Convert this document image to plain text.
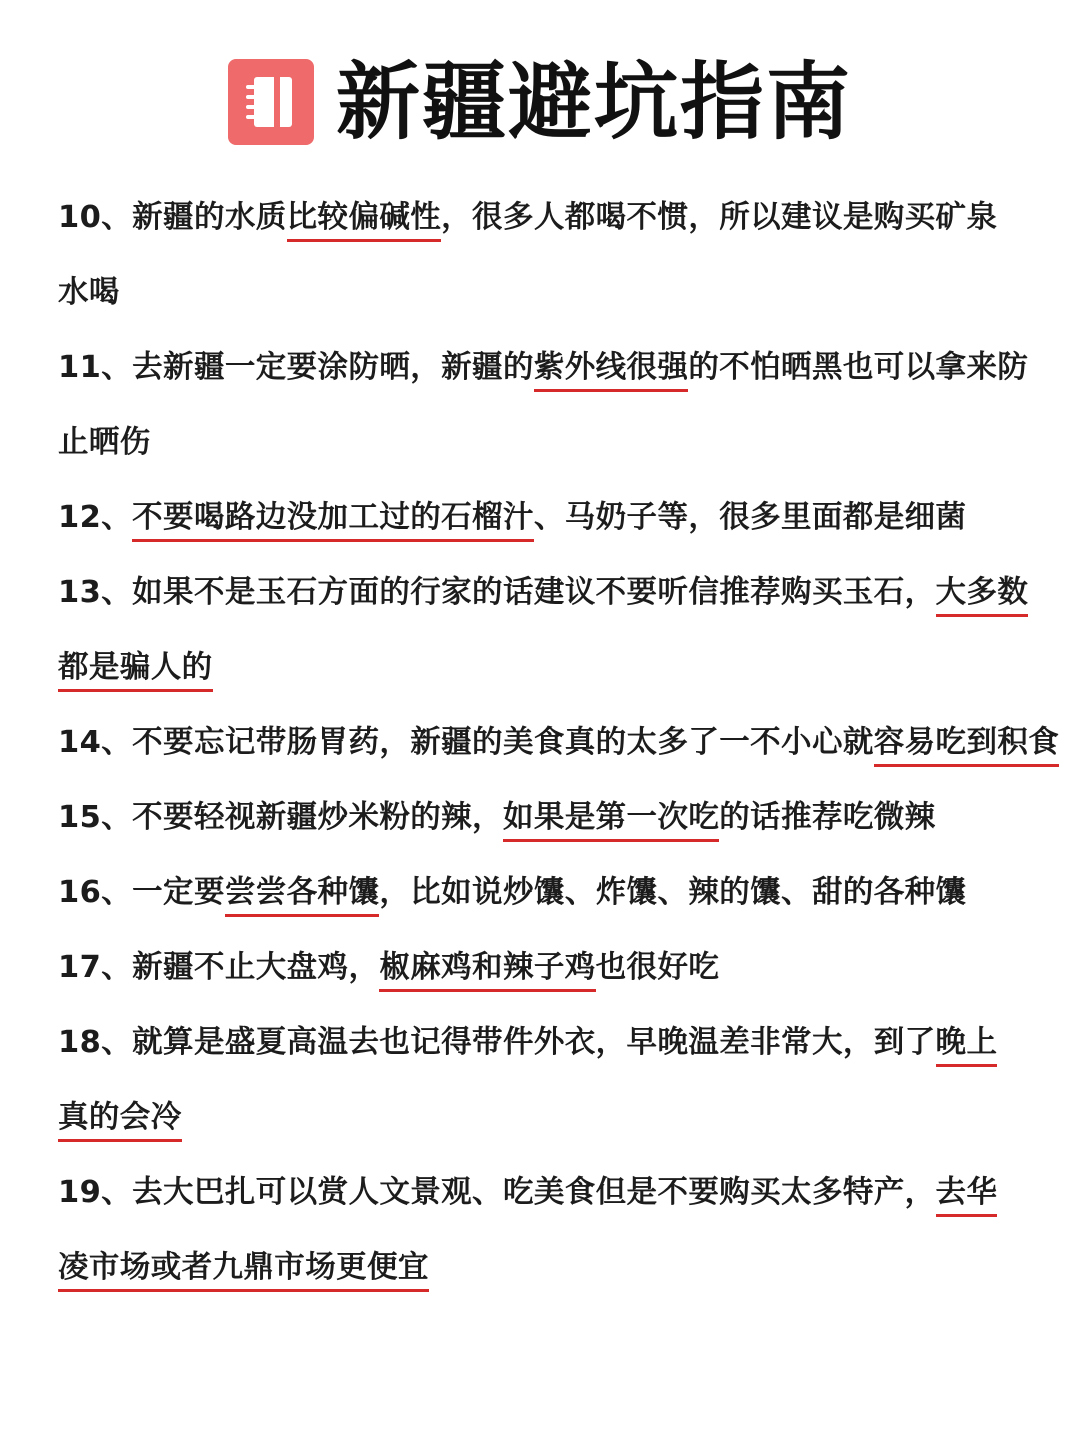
新疆避坑指南
10、新疆的水质比较偏碱性，很多人都喝不惯，所以建议是购买矿泉
水喝
11、去新疆一定要涂防晒，新疆的紫外线很强的不怕晒黑也可以拿来防
止晒伤
12、不要喝路边没加工过的石榴汁、马奶子等，很多里面都是细菌
13、如果不是玉石方面的行家的话建议不要听信推荐购买玉石，大多数
都是骗人的
14、不要忘记带肠胃药，新疆的美食真的太多了一不小心就容易吃到积食
15、不要轻视新疆炒米粉的辣，如果是第一次吃的话推荐吃微辣
16、一定要尝尝各种馕，比如说炒馕、炸馕、辣的馕、甜的各种馕
17、新疆不止大盘鸡，椒麻鸡和辣子鸡也很好吃
18、就算是盛夏高温去也记得带件外衣，早晚温差非常大，到了晚上
真的会冷
19、去大巴扎可以赏人文景观、吃美食但是不要购买太多特产，去华
凌市场或者九鼎市场更便宜
